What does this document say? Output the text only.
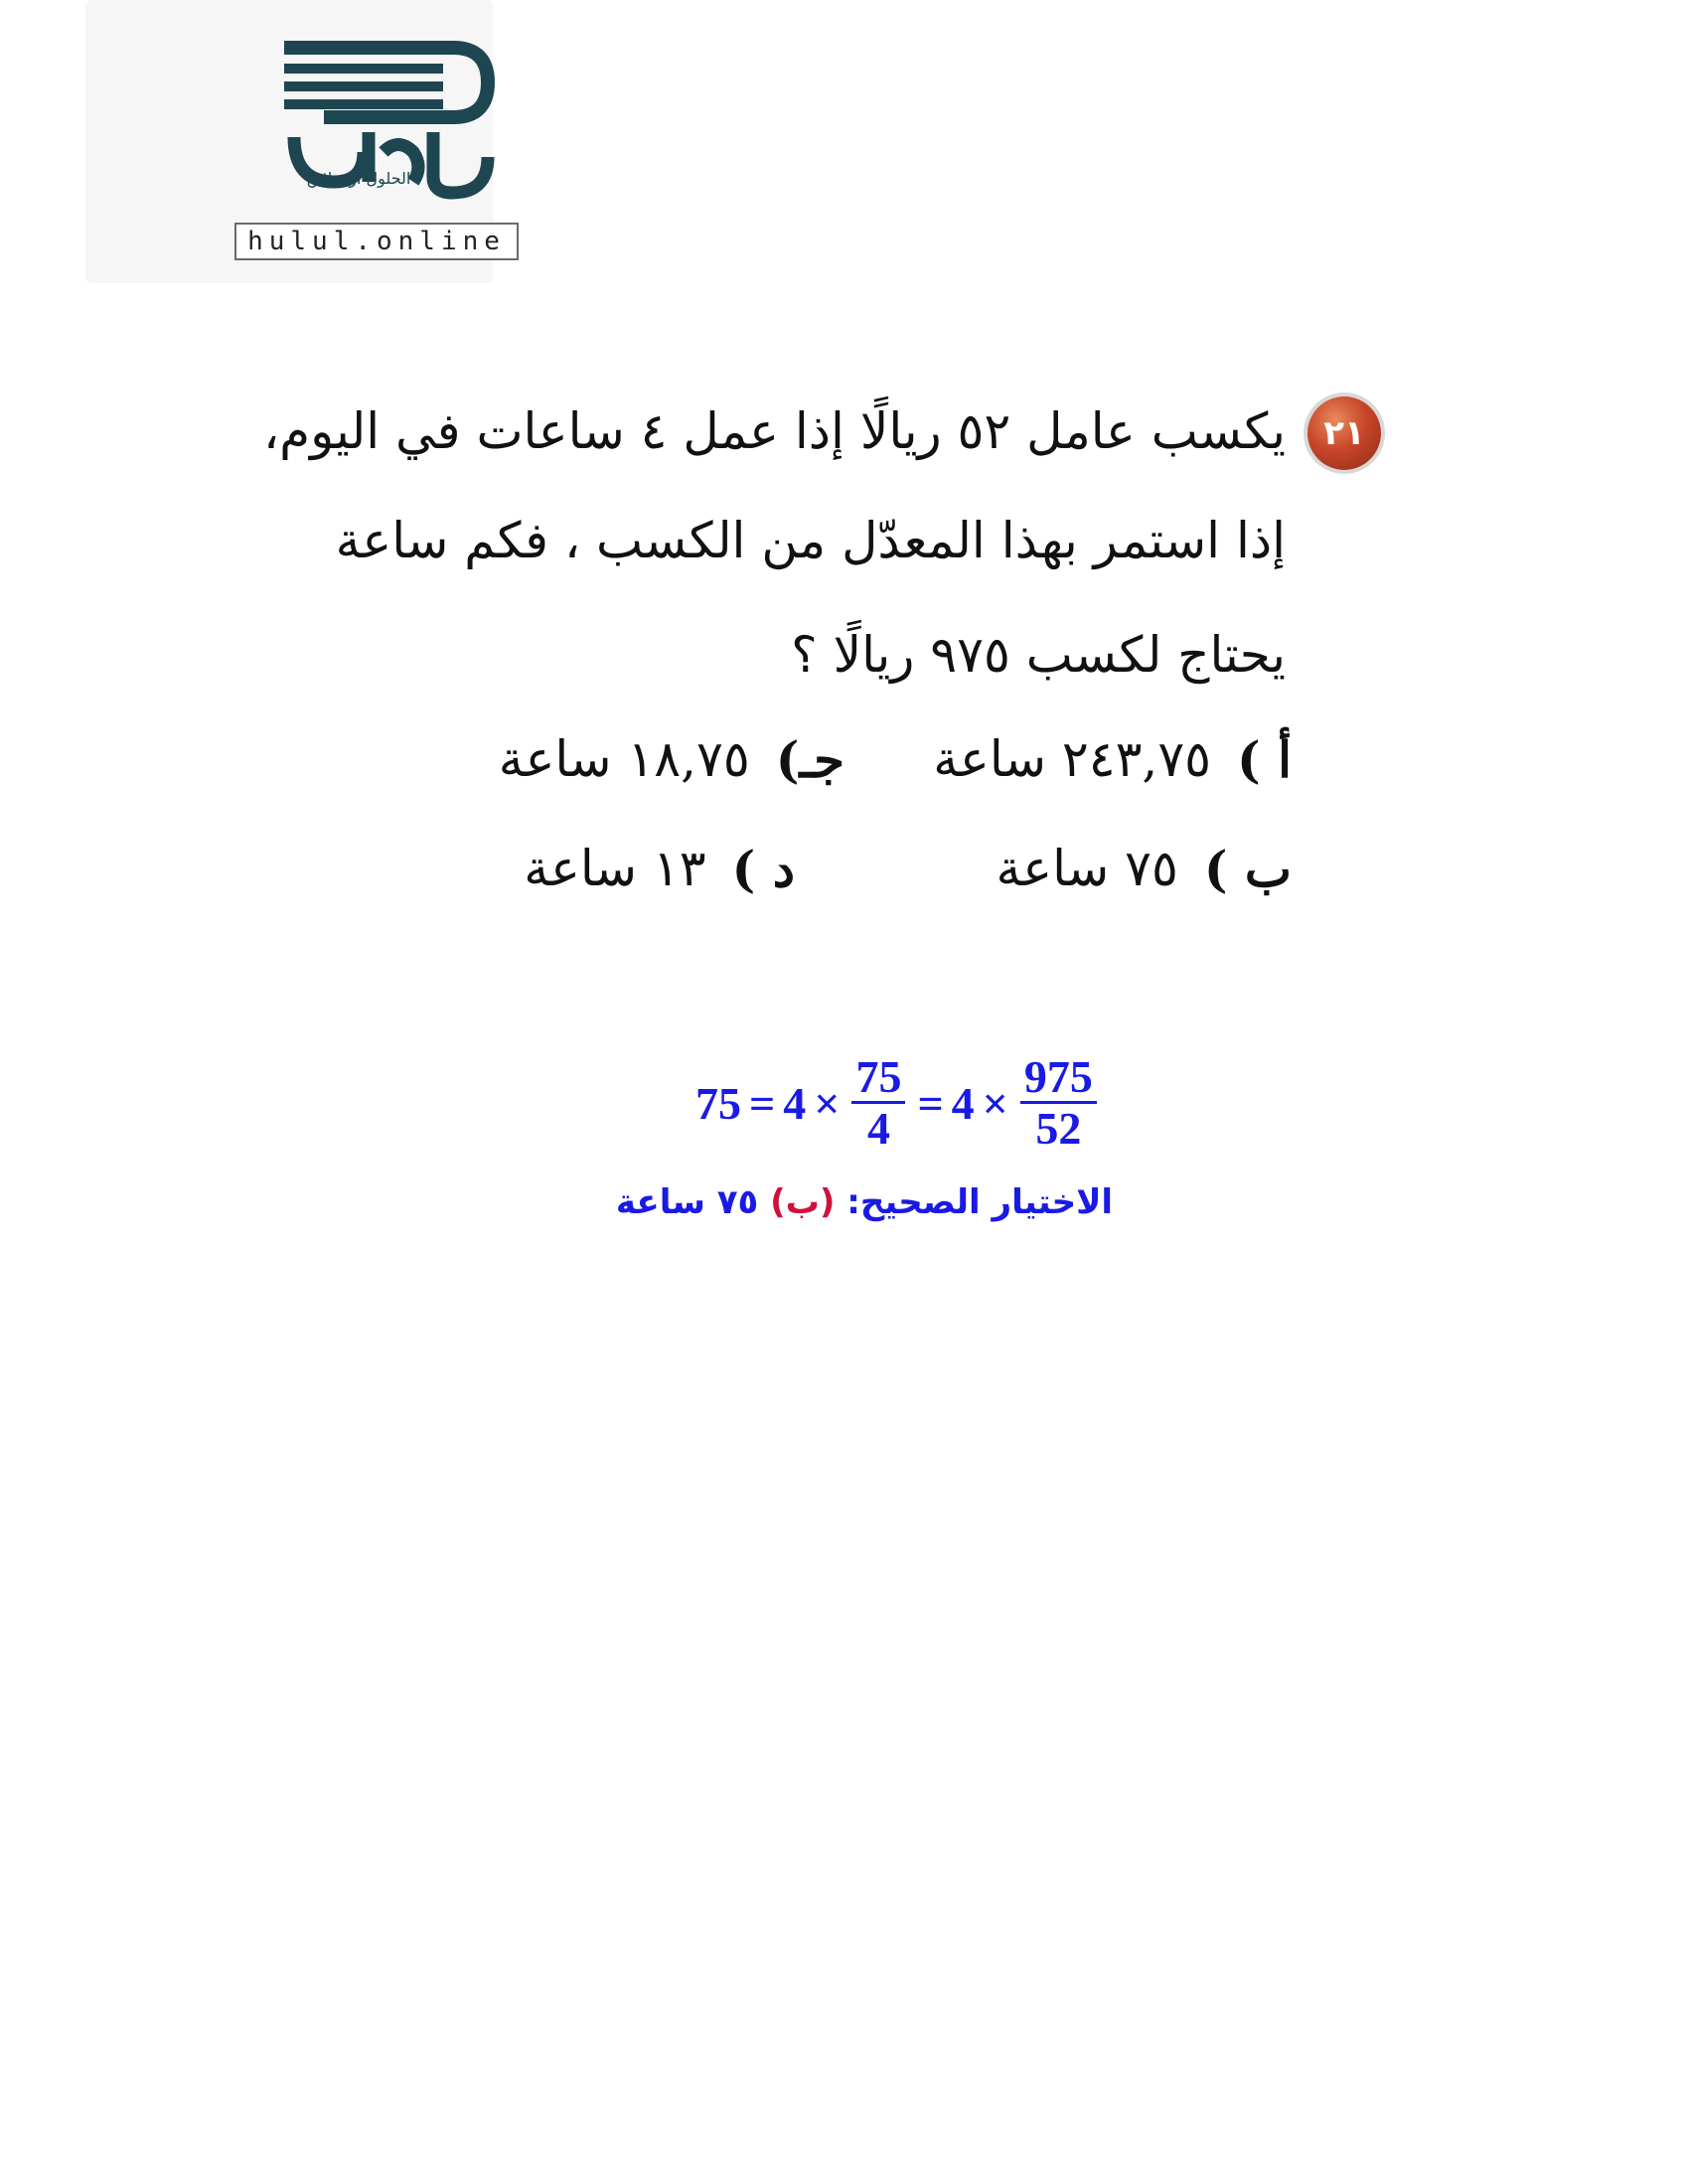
الحلول اون لاين
hulul.online
٢١
يكسب عامل ٥٢ ريالًا إذا عمل ٤ ساعات في اليوم،
إذا استمر بهذا المعدّل من الكسب ، فكم ساعة
يحتاج لكسب ٩٧٥ ريالًا ؟
أ )
٢٤٣,٧٥ ساعة
جـ)
١٨,٧٥ ساعة
ب )
٧٥ ساعة
د )
١٣ ساعة
$75 = 4 \times \frac{75}{4} = 4 \times \frac{975}{52}$
الاختيار الصحيح: (ب) ٧٥ ساعة
